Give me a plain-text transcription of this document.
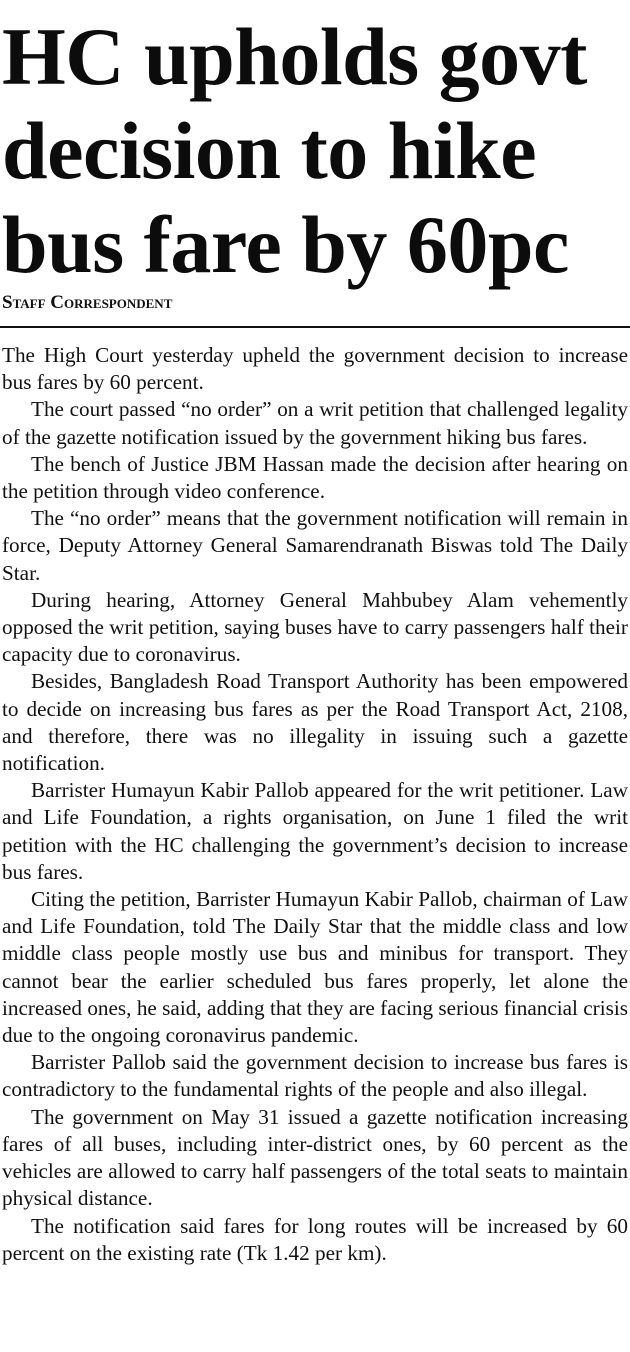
HC upholds govt
decision to hike
bus fare by 60pc
Staff Correspondent

The High Court yesterday upheld the government decision to increase bus fares by 60 percent.

The court passed “no order” on a writ petition that challenged legality of the gazette notification issued by the government hiking bus fares.

The bench of Justice JBM Hassan made the decision after hearing on the petition through video conference.

The “no order” means that the government notification will remain in force, Deputy Attorney General Samarendranath Biswas told The Daily Star.

During hearing, Attorney General Mahbubey Alam vehemently opposed the writ petition, saying buses have to carry passengers half their capacity due to coronavirus.

Besides, Bangladesh Road Transport Authority has been empowered to decide on increasing bus fares as per the Road Transport Act, 2108, and therefore, there was no illegality in issuing such a gazette notification.

Barrister Humayun Kabir Pallob appeared for the writ petitioner. Law and Life Foundation, a rights organisation, on June 1 filed the writ petition with the HC challenging the government’s decision to increase bus fares.

Citing the petition, Barrister Humayun Kabir Pallob, chairman of Law and Life Foundation, told The Daily Star that the middle class and low middle class people mostly use bus and minibus for transport. They cannot bear the earlier scheduled bus fares properly, let alone the increased ones, he said, adding that they are facing serious financial crisis due to the ongoing coronavirus pandemic.

Barrister Pallob said the government decision to increase bus fares is contradictory to the fundamental rights of the people and also illegal.

The government on May 31 issued a gazette notification increasing fares of all buses, including inter-district ones, by 60 percent as the vehicles are allowed to carry half passengers of the total seats to maintain physical distance.

The notification said fares for long routes will be increased by 60 percent on the existing rate (Tk 1.42 per km).
